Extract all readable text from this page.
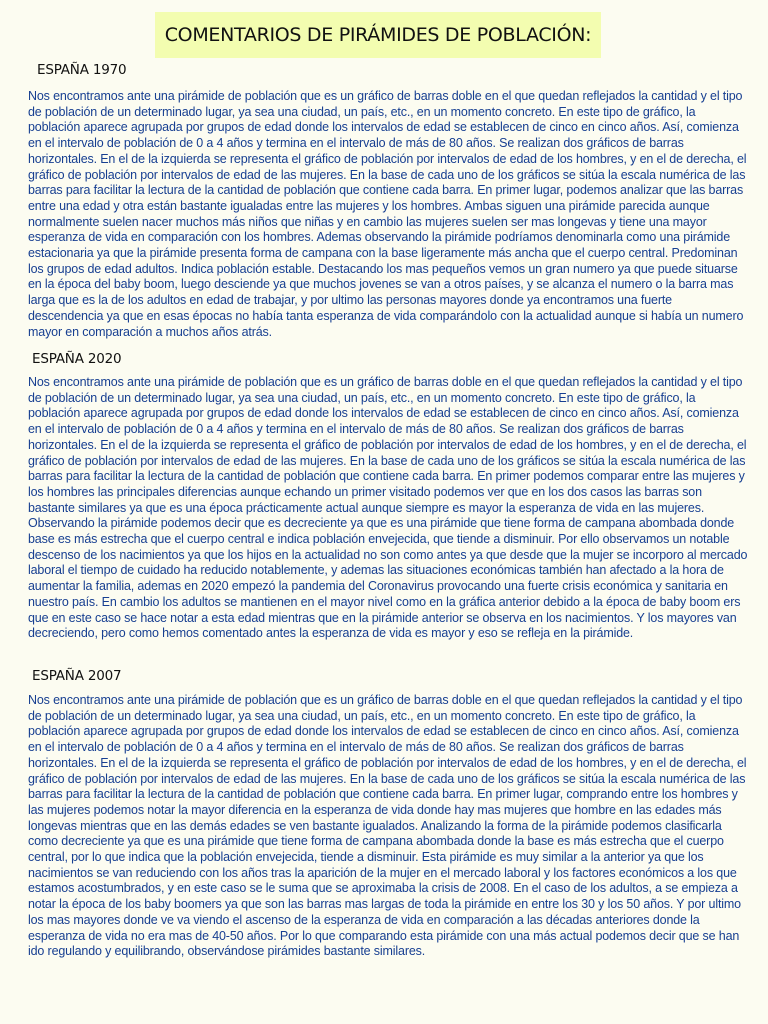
COMENTARIOS DE PIRÁMIDES DE POBLACIÓN:
ESPAÑA 1970

Nos encontramos ante una pirámide de población que es un gráfico de barras doble en el que quedan reflejados la cantidad y el tipo de población de un determinado lugar, ya sea una ciudad, un país, etc., en un momento concreto. En este tipo de gráfico, la población aparece agrupada por grupos de edad donde los intervalos de edad se establecen de cinco en cinco años. Así, comienza en el intervalo de población de 0 a 4 años y termina en el intervalo de más de 80 años. Se realizan dos gráficos de barras horizontales. En el de la izquierda se representa el gráfico de población por intervalos de edad de los hombres, y en el de derecha, el gráfico de población por intervalos de edad de las mujeres. En la base de cada uno de los gráficos se sitúa la escala numérica de las barras para facilitar la lectura de la cantidad de población que contiene cada barra. En primer lugar, podemos analizar que las barras entre una edad y otra están bastante igualadas entre las mujeres y los hombres. Ambas siguen una pirámide parecida aunque normalmente suelen nacer muchos más niños que niñas y en cambio las mujeres suelen ser mas longevas y tiene una mayor esperanza de vida en comparación con los hombres. Ademas observando la pirámide podríamos denominarla como una pirámide estacionaria ya que la pirámide presenta forma de campana con la base ligeramente más ancha que el cuerpo central. Predominan los grupos de edad adultos. Indica población estable. Destacando los mas pequeños vemos un gran numero ya que puede situarse en la época del baby boom, luego desciende ya que muchos jovenes se van a otros países, y se alcanza el numero o la barra mas larga que es la de los adultos en edad de trabajar, y por ultimo las personas mayores donde ya encontramos una fuerte descendencia ya que en esas épocas no había tanta esperanza de vida comparándolo con la actualidad aunque si había un numero mayor en comparación a muchos años atrás.

ESPAÑA 2020

Nos encontramos ante una pirámide de población que es un gráfico de barras doble en el que quedan reflejados la cantidad y el tipo de población de un determinado lugar, ya sea una ciudad, un país, etc., en un momento concreto. En este tipo de gráfico, la población aparece agrupada por grupos de edad donde los intervalos de edad se establecen de cinco en cinco años. Así, comienza en el intervalo de población de 0 a 4 años y termina en el intervalo de más de 80 años. Se realizan dos gráficos de barras horizontales. En el de la izquierda se representa el gráfico de población por intervalos de edad de los hombres, y en el de derecha, el gráfico de población por intervalos de edad de las mujeres. En la base de cada uno de los gráficos se sitúa la escala numérica de las barras para facilitar la lectura de la cantidad de población que contiene cada barra. En primer podemos comparar entre las mujeres y los hombres las principales diferencias aunque echando un primer visitado podemos ver que en los dos casos las barras son bastante similares ya que es una época prácticamente actual aunque siempre es mayor la esperanza de vida en las mujeres. Observando la pirámide podemos decir que es decreciente ya que es una pirámide que tiene forma de campana abombada donde base es más estrecha que el cuerpo central e indica población envejecida, que tiende a disminuir. Por ello observamos un notable descenso de los nacimientos ya que los hijos en la actualidad no son como antes ya que desde que la mujer se incorporo al mercado laboral el tiempo de cuidado ha reducido notablemente, y ademas las situaciones económicas también han afectado a la hora de aumentar la familia, ademas en 2020 empezó la pandemia del Coronavirus provocando una fuerte crisis económica y sanitaria en nuestro país. En cambio los adultos se mantienen en el mayor nivel como en la gráfica anterior debido a la época de baby boom ers que en este caso se hace notar a esta edad mientras que en la pirámide anterior se observa en los nacimientos. Y los mayores van decreciendo, pero como hemos comentado antes la esperanza de vida es mayor y eso se refleja en la pirámide.

ESPAÑA 2007

Nos encontramos ante una pirámide de población que es un gráfico de barras doble en el que quedan reflejados la cantidad y el tipo de población de un determinado lugar, ya sea una ciudad, un país, etc., en un momento concreto. En este tipo de gráfico, la población aparece agrupada por grupos de edad donde los intervalos de edad se establecen de cinco en cinco años. Así, comienza en el intervalo de población de 0 a 4 años y termina en el intervalo de más de 80 años. Se realizan dos gráficos de barras horizontales. En el de la izquierda se representa el gráfico de población por intervalos de edad de los hombres, y en el de derecha, el gráfico de población por intervalos de edad de las mujeres. En la base de cada uno de los gráficos se sitúa la escala numérica de las barras para facilitar la lectura de la cantidad de población que contiene cada barra. En primer lugar, comprando entre los hombres y las mujeres podemos notar la mayor diferencia en la esperanza de vida donde hay mas mujeres que hombre en las edades más longevas mientras que en las demás edades se ven bastante igualados. Analizando la forma de la pirámide podemos clasificarla como decreciente ya que es una pirámide que tiene forma de campana abombada donde la base es más estrecha que el cuerpo central, por lo que indica que la población envejecida, tiende a disminuir. Esta pirámide es muy similar a la anterior ya que los nacimientos se van reduciendo con los años tras la aparición de la mujer en el mercado laboral y los factores económicos a los que estamos acostumbrados, y en este caso se le suma que se aproximaba la crisis de 2008. En el caso de los adultos, a se empieza a notar la época de los baby boomers ya que son las barras mas largas de toda la pirámide en entre los 30 y los 50 años. Y por ultimo los mas mayores donde ve va viendo el ascenso de la esperanza de vida en comparación a las décadas anteriores donde la esperanza de vida no era mas de 40-50 años. Por lo que comparando esta pirámide con una más actual podemos decir que se han ido regulando y equilibrando, observándose pirámides bastante similares.
